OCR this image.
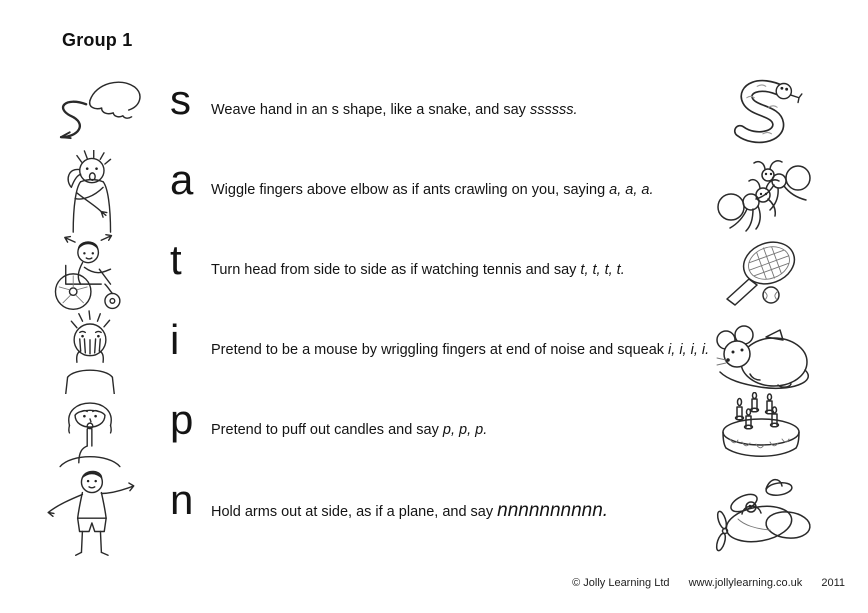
Group 1
s Weave hand in an s shape, like a snake, and say ssssss.

a Wiggle fingers above elbow as if ants crawling on you, saying a, a, a.

t Turn head from side to side as if watching tennis and say t, t, t, t.

i Pretend to be a mouse by wriggling fingers at end of noise and squeak i, i, i, i.

p Pretend to puff out candles and say p, p, p.

n Hold arms out at side, as if a plane, and say nnnnnnnnnn.

© Jolly Learning Ltd www.jollylearning.co.uk 2011
